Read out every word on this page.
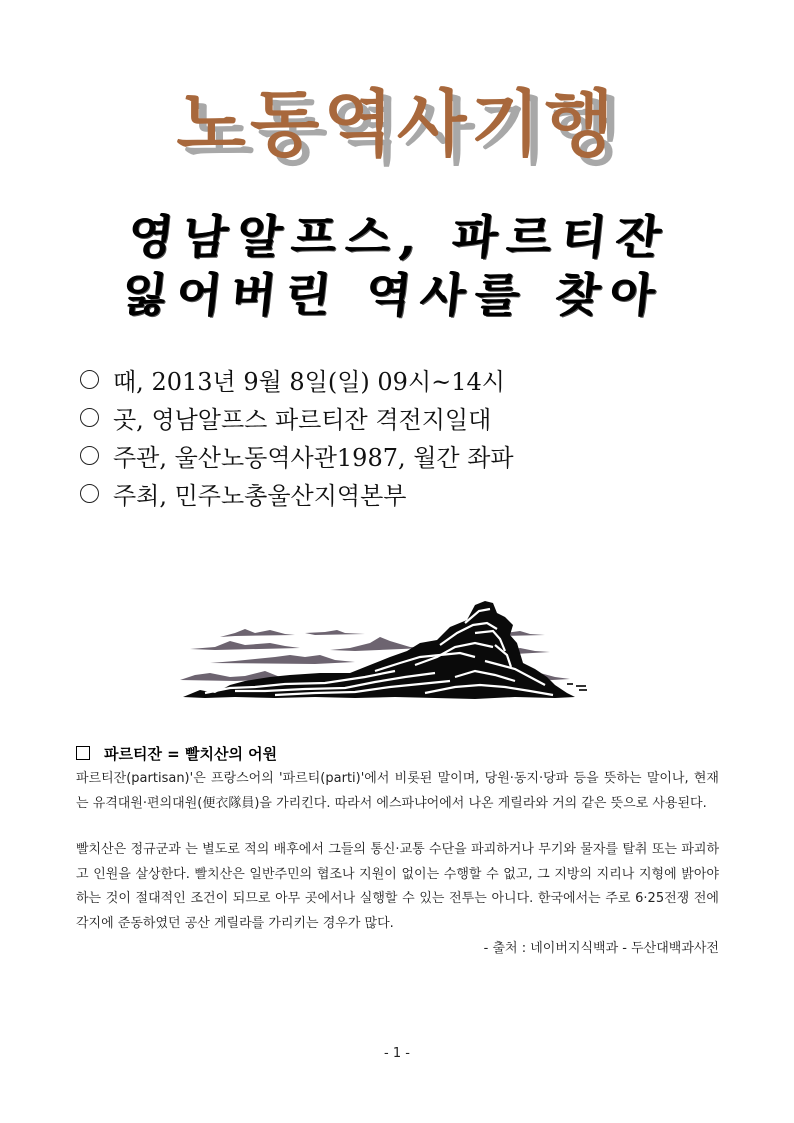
노동역사기행
영남알프스, 파르티잔
잃어버린 역사를 찾아
때, 2013년 9월 8일(일) 09시~14시
곳, 영남알프스 파르티잔 격전지일대
주관, 울산노동역사관1987, 월간 좌파
주최, 민주노총울산지역본부
파르티잔 = 빨치산의 어원

파르티잔(partisan)'은 프랑스어의 '파르티(parti)'에서 비롯된 말이며, 당원·동지·당파 등을 뜻하는 말이나, 현재는 유격대원·편의대원(便衣隊員)을 가리킨다. 따라서 에스파냐어에서 나온 게릴라와 거의 같은 뜻으로 사용된다.

빨치산은 정규군과 는 별도로 적의 배후에서 그들의 통신·교통 수단을 파괴하거나 무기와 물자를 탈취 또는 파괴하고 인원을 살상한다. 빨치산은 일반주민의 협조나 지원이 없이는 수행할 수 없고, 그 지방의 지리나 지형에 밝아야 하는 것이 절대적인 조건이 되므로 아무 곳에서나 실행할 수 있는 전투는 아니다. 한국에서는 주로 6·25전쟁 전에 각지에 준동하였던 공산 게릴라를 가리키는 경우가 많다.

- 출처 : 네이버지식백과 - 두산대백과사전
- 1 -
